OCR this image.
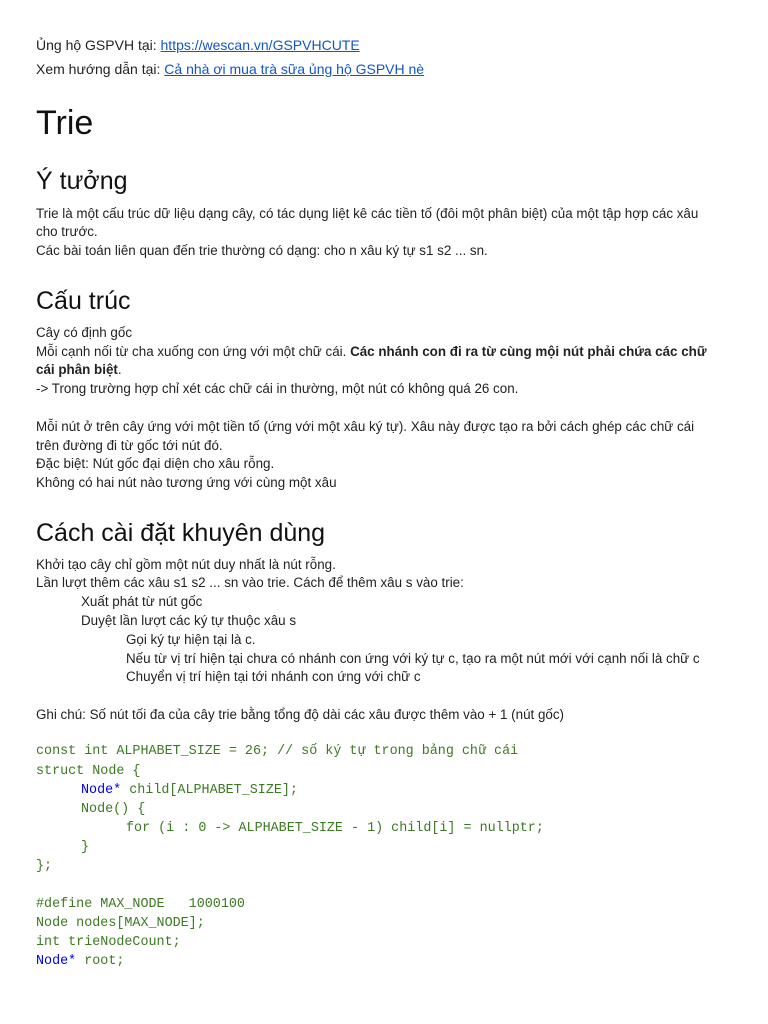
Ủng hộ GSPVH tại: https://wescan.vn/GSPVHCUTE
Xem hướng dẫn tại: Cả nhà ơi mua trà sữa ủng hộ GSPVH nè
Trie
Ý tưởng
Trie là một cấu trúc dữ liệu dạng cây, có tác dụng liệt kê các tiền tố (đôi một phân biệt) của một tập hợp các xâu
cho trước.
Các bài toán liên quan đến trie thường có dạng: cho n xâu ký tự s1 s2 ... sn.
Cấu trúc
Cây có định gốc
Mỗi cạnh nối từ cha xuống con ứng với một chữ cái. Các nhánh con đi ra từ cùng mội nút phải chứa các chữ
cái phân biệt.
-> Trong trường hợp chỉ xét các chữ cái in thường, một nút có không quá 26 con.
Mỗi nút ở trên cây ứng với một tiền tố (ứng với một xâu ký tự). Xâu này được tạo ra bởi cách ghép các chữ cái
trên đường đi từ gốc tới nút đó.
Đặc biệt: Nút gốc đại diện cho xâu rỗng.
Không có hai nút nào tương ứng với cùng một xâu
Cách cài đặt khuyên dùng
Khởi tạo cây chỉ gồm một nút duy nhất là nút rỗng.
Lần lượt thêm các xâu s1 s2 ... sn vào trie. Cách để thêm xâu s vào trie:
Xuất phát từ nút gốc
Duyệt lần lượt các ký tự thuộc xâu s
Gọi ký tự hiện tại là c.
Nếu từ vị trí hiện tại chưa có nhánh con ứng với ký tự c, tạo ra một nút mới với cạnh nối là chữ c
Chuyển vị trí hiện tại tới nhánh con ứng với chữ c
Ghi chú: Số nút tối đa của cây trie bằng tổng độ dài các xâu được thêm vào + 1 (nút gốc)
const int ALPHABET_SIZE = 26; // số ký tự trong bảng chữ cái
struct Node {
Node* child[ALPHABET_SIZE];
Node() {
for (i : 0 -> ALPHABET_SIZE - 1) child[i] = nullptr;
}
};
#define MAX_NODE   1000100
Node nodes[MAX_NODE];
int trieNodeCount;
Node* root;
